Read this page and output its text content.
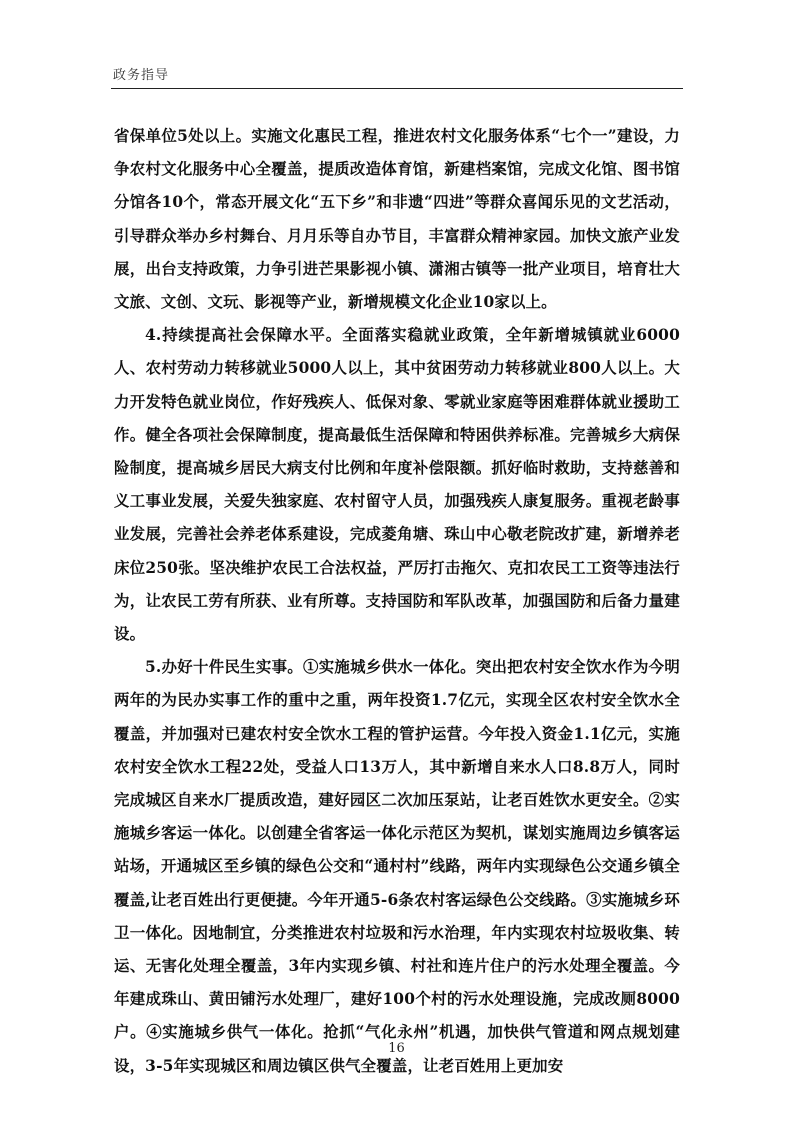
政务指导

省保单位5处以上。实施文化惠民工程，推进农村文化服务体系“七个一”建设，力争农村文化服务中心全覆盖，提质改造体育馆，新建档案馆，完成文化馆、图书馆分馆各10个，常态开展文化“五下乡”和非遗“四进”等群众喜闻乐见的文艺活动，引导群众举办乡村舞台、月月乐等自办节目，丰富群众精神家园。加快文旅产业发展，出台支持政策，力争引进芒果影视小镇、潇湘古镇等一批产业项目，培育壮大文旅、文创、文玩、影视等产业，新增规模文化企业10家以上。

4.持续提高社会保障水平。全面落实稳就业政策，全年新增城镇就业6000人、农村劳动力转移就业5000人以上，其中贫困劳动力转移就业800人以上。大力开发特色就业岗位，作好残疾人、低保对象、零就业家庭等困难群体就业援助工作。健全各项社会保障制度，提高最低生活保障和特困供养标准。完善城乡大病保险制度，提高城乡居民大病支付比例和年度补偿限额。抓好临时救助，支持慈善和义工事业发展，关爱失独家庭、农村留守人员，加强残疾人康复服务。重视老龄事业发展，完善社会养老体系建设，完成菱角塘、珠山中心敬老院改扩建，新增养老床位250张。坚决维护农民工合法权益，严厉打击拖欠、克扣农民工工资等违法行为，让农民工劳有所获、业有所尊。支持国防和军队改革，加强国防和后备力量建设。

5.办好十件民生实事。①实施城乡供水一体化。突出把农村安全饮水作为今明两年的为民办实事工作的重中之重，两年投资1.7亿元，实现全区农村安全饮水全覆盖，并加强对已建农村安全饮水工程的管护运营。今年投入资金1.1亿元，实施农村安全饮水工程22处，受益人口13万人，其中新增自来水人口8.8万人，同时完成城区自来水厂提质改造，建好园区二次加压泵站，让老百姓饮水更安全。②实施城乡客运一体化。以创建全省客运一体化示范区为契机，谋划实施周边乡镇客运站场，开通城区至乡镇的绿色公交和“通村村”线路，两年内实现绿色公交通乡镇全覆盖,让老百姓出行更便捷。今年开通5-6条农村客运绿色公交线路。③实施城乡环卫一体化。因地制宜，分类推进农村垃圾和污水治理，年内实现农村垃圾收集、转运、无害化处理全覆盖，3年内实现乡镇、村社和连片住户的污水处理全覆盖。今年建成珠山、黄田铺污水处理厂，建好100个村的污水处理设施，完成改厕8000户。④实施城乡供气一体化。抢抓“气化永州”机遇，加快供气管道和网点规划建设，3-5年实现城区和周边镇区供气全覆盖，让老百姓用上更加安

16
